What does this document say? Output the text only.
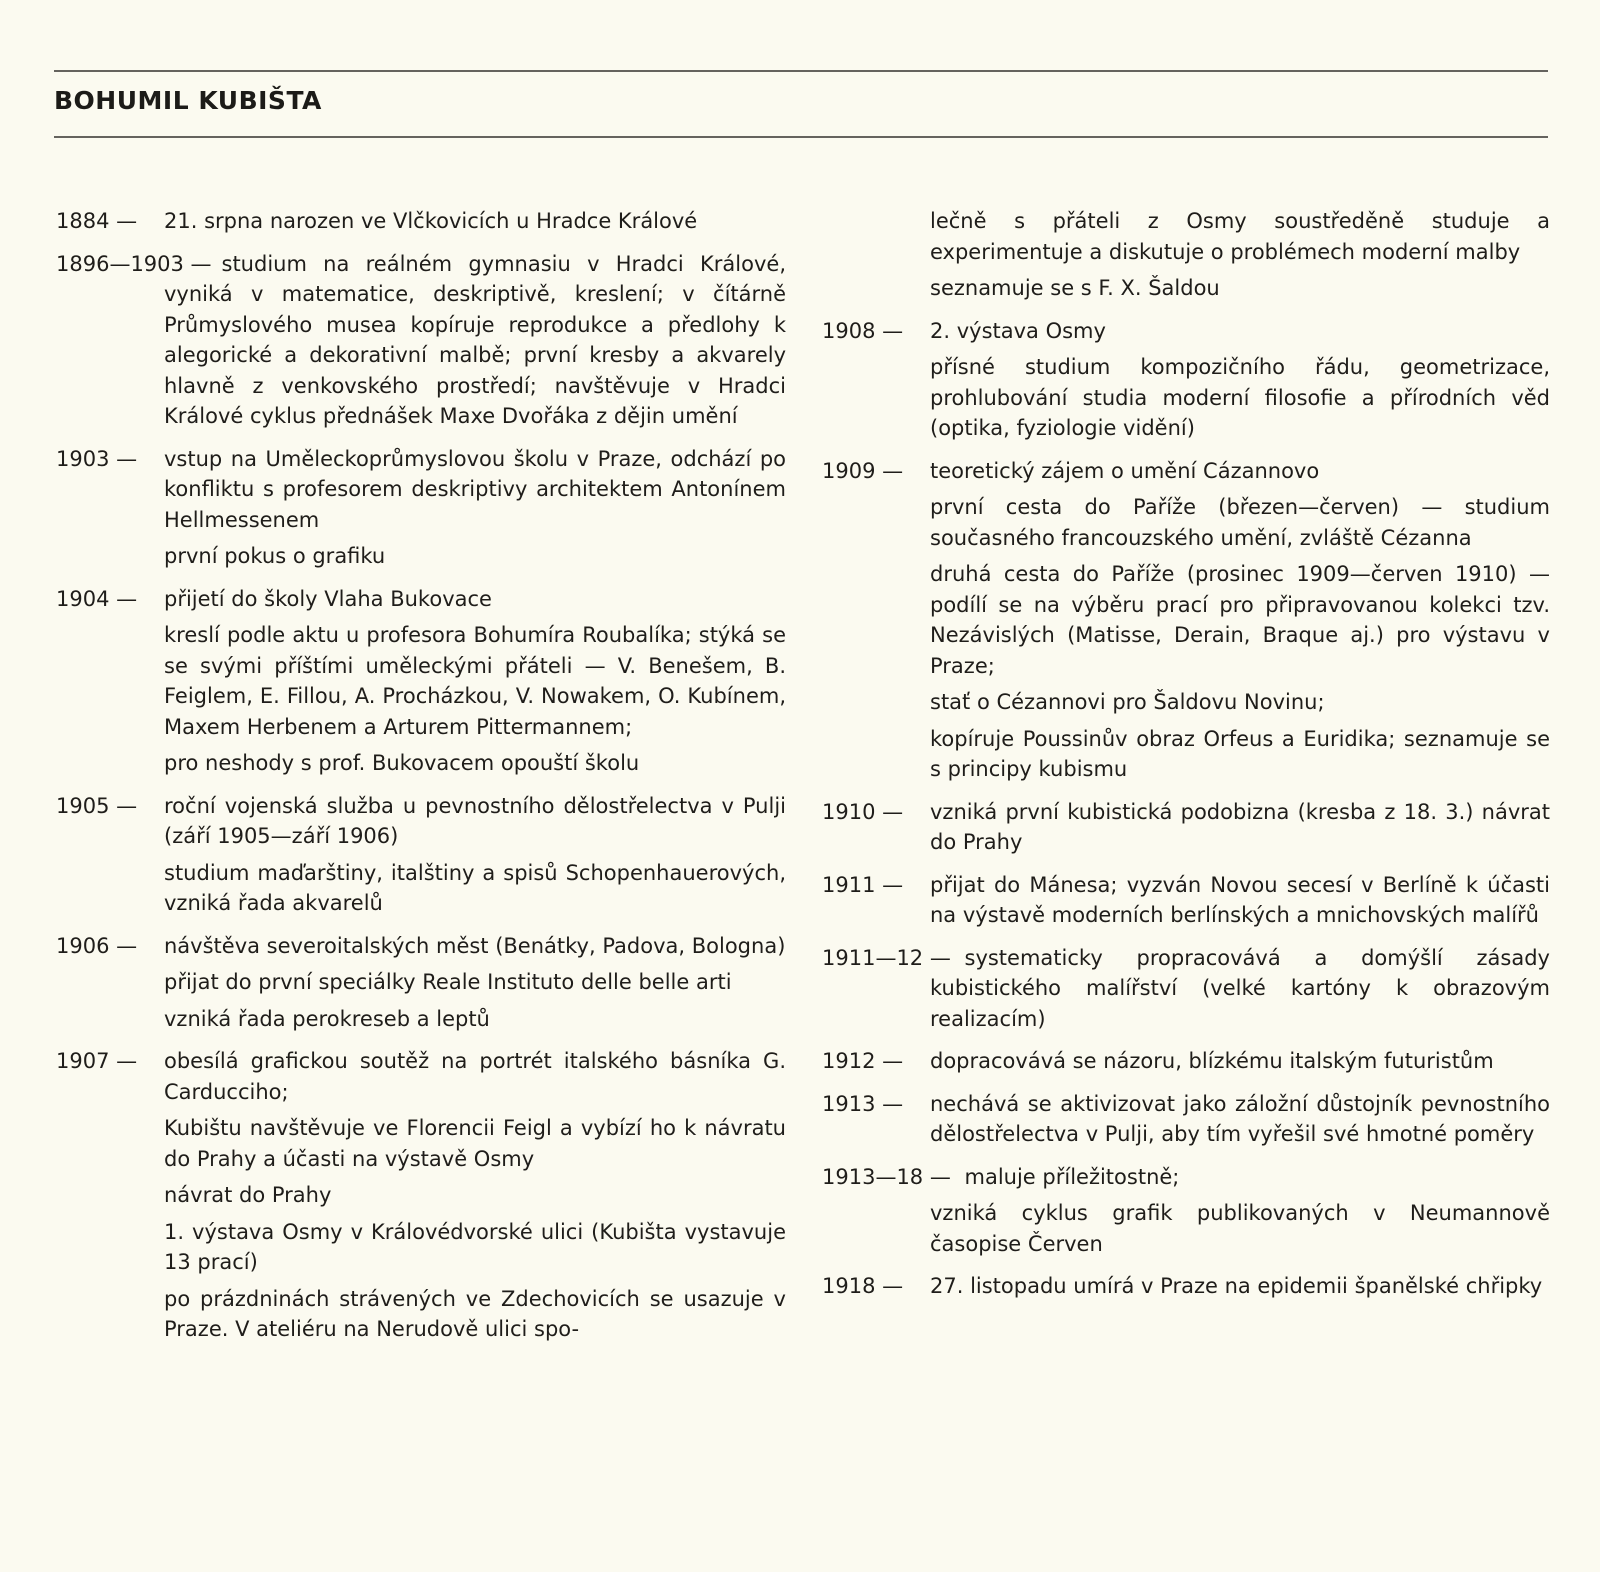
BOHUMIL KUBIŠTA
1884 — 21. srpna narozen ve Vlčkovicích u Hradce Králové
1896—1903 — studium na reálném gymnasiu v Hradci Králové, vyniká v matematice, deskriptivě, kreslení; v čítárně Průmyslového musea kopíruje reprodukce a předlohy k alegorické a dekorativní malbě; první kresby a akvarely hlavně z venkovského prostředí; navštěvuje v Hradci Králové cyklus přednášek Maxe Dvořáka z dějin umění
1903 — vstup na Uměleckoprůmyslovou školu v Praze, odchází po konfliktu s profesorem deskriptivy architektem Antonínem Hellmessenem
první pokus o grafiku
1904 — přijetí do školy Vlaha Bukovace
kreslí podle aktu u profesora Bohumíra Roubalíka; stýká se se svými příštími uměleckými přáteli — V. Benešem, B. Feiglem, E. Fillou, A. Procházkou, V. Nowakem, O. Kubínem, Maxem Herbenem a Arturem Pittermannem;
pro neshody s prof. Bukovacem opouští školu
1905 — roční vojenská služba u pevnostního dělostřelectva v Pulji (září 1905—září 1906)
studium maďarštiny, italštiny a spisů Schopenhauerových, vzniká řada akvarelů
1906 — návštěva severoitalských měst (Benátky, Padova, Bologna)
přijat do první speciálky Reale Instituto delle belle arti
vzniká řada perokreseb a leptů
1907 — obesílá grafickou soutěž na portrét italského básníka G. Carducciho;
Kubištu navštěvuje ve Florencii Feigl a vybízí ho k návratu do Prahy a účasti na výstavě Osmy
návrat do Prahy
1. výstava Osmy v Královédvorské ulici (Kubišta vystavuje 13 prací)
po prázdninách strávených ve Zdechovicích se usazuje v Praze. V ateliéru na Nerudově ulici spo-
lečně s přáteli z Osmy soustředěně studuje a experimentuje a diskutuje o problémech moderní malby
seznamuje se s F. X. Šaldou
1908 — 2. výstava Osmy
přísné studium kompozičního řádu, geometrizace, prohlubování studia moderní filosofie a přírodních věd (optika, fyziologie vidění)
1909 — teoretický zájem o umění Cázannovo
první cesta do Paříže (březen—červen) — studium současného francouzského umění, zvláště Cézanna
druhá cesta do Paříže (prosinec 1909—červen 1910) — podílí se na výběru prací pro připravovanou kolekci tzv. Nezávislých (Matisse, Derain, Braque aj.) pro výstavu v Praze;
stať o Cézannovi pro Šaldovu Novinu;
kopíruje Poussinův obraz Orfeus a Euridika; seznamuje se s principy kubismu
1910 — vzniká první kubistická podobizna (kresba z 18. 3.) návrat do Prahy
1911 — přijat do Mánesa; vyzván Novou secesí v Berlíně k účasti na výstavě moderních berlínských a mnichovských malířů
1911—12 — systematicky propracovává a domýšlí zásady kubistického malířství (velké kartóny k obrazovým realizacím)
1912 — dopracovává se názoru, blízkému italským futuristům
1913 — nechává se aktivizovat jako záložní důstojník pevnostního dělostřelectva v Pulji, aby tím vyřešil své hmotné poměry
1913—18 — maluje příležitostně;
vzniká cyklus grafik publikovaných v Neumannově časopise Červen
1918 — 27. listopadu umírá v Praze na epidemii španělské chřipky
